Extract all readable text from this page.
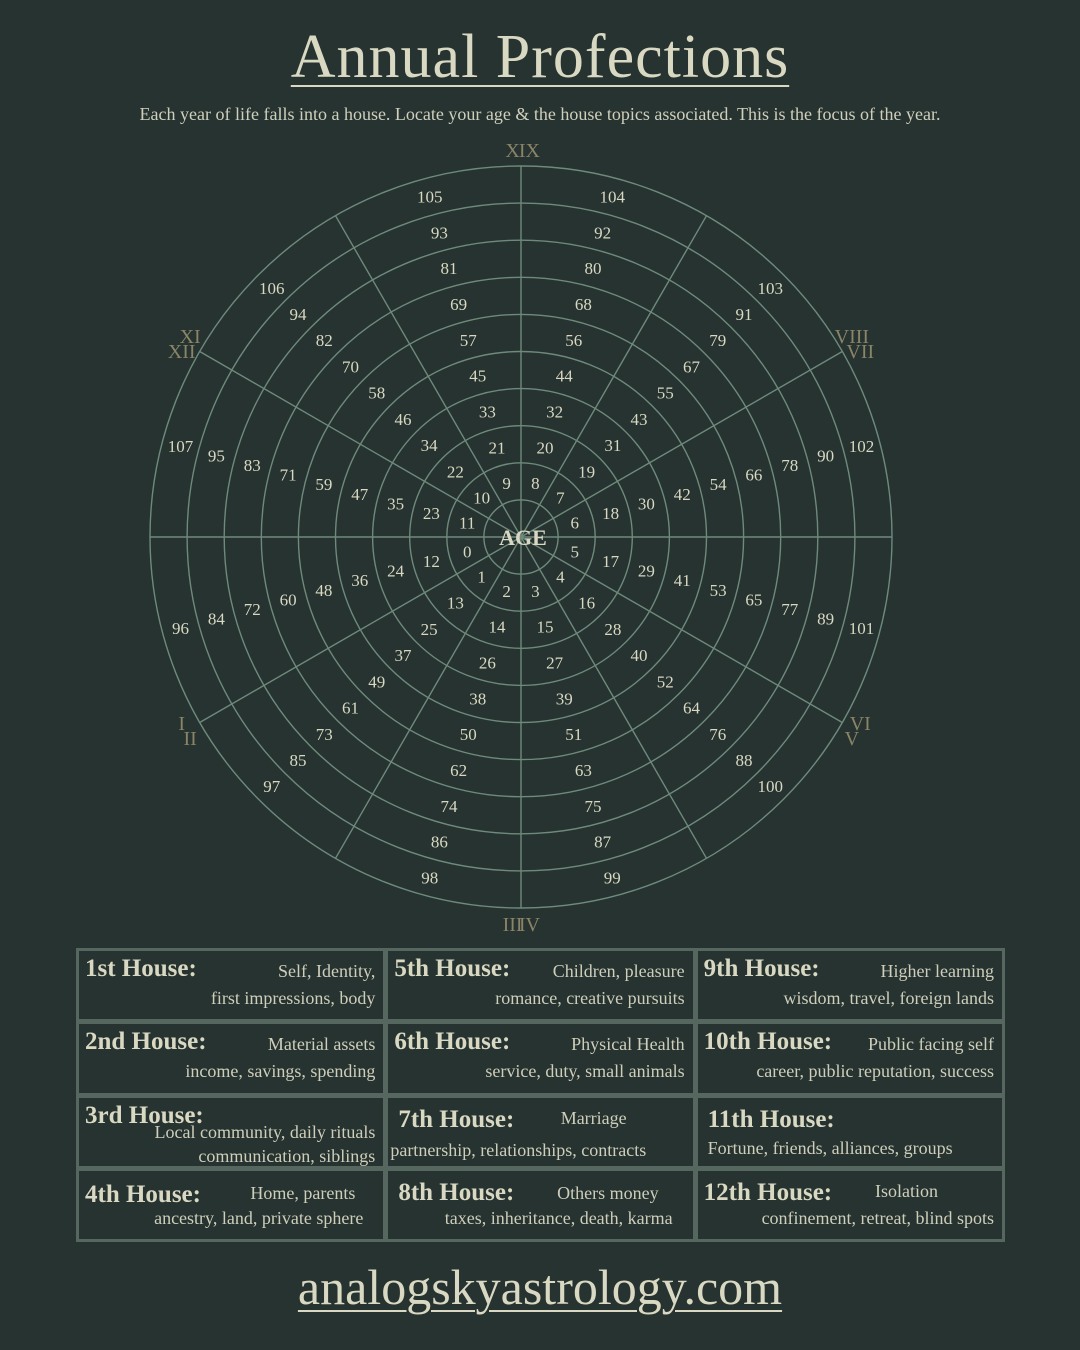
Annual Profections
Each year of life falls into a house. Locate your age & the house topics associated. This is the focus of the year.
0
12
24
36
48
60
72
84
96
1
13
25
37
49
61
73
85
97
2
14
26
38
50
62
74
86
98
3
15
27
39
51
63
75
87
99
4
16
28
40
52
64
76
88
100
5
17
29
41
53
65
77
89
101
6
18
30
42
54
66
78
90
102
7
19
31
43
55
67
79
91
103
8
20
32
44
56
68
80
92
104
9
21
33
45
57
69
81
93
105
10
22
34
46
58
70
82
94
106
11
23
35
47
59
71
83
95
107
AGE
I
II
III
IV
V
VI
VII
VIII
IX
X
XI
XII
1st House:	Self, Identity,
first impressions, body
5th House: Children, pleasure
romance, creative pursuits
9th House:	Higher learning
wisdom, travel, foreign lands
2nd House:	Material assets
income, savings, spending
6th House:	Physical Health
service, duty, small animals
10th House: Public facing self
career, public reputation, success
3rd House:
Local community, daily rituals
communication, siblings
7th House:	Marriage
partnership, relationships, contracts
11th House:
Fortune, friends, alliances, groups
4th House:	Home, parents
ancestry, land, private sphere
8th House: Others money
taxes, inheritance, death, karma
12th House: Isolation
confinement, retreat, blind spots
analogskyastrology.com
